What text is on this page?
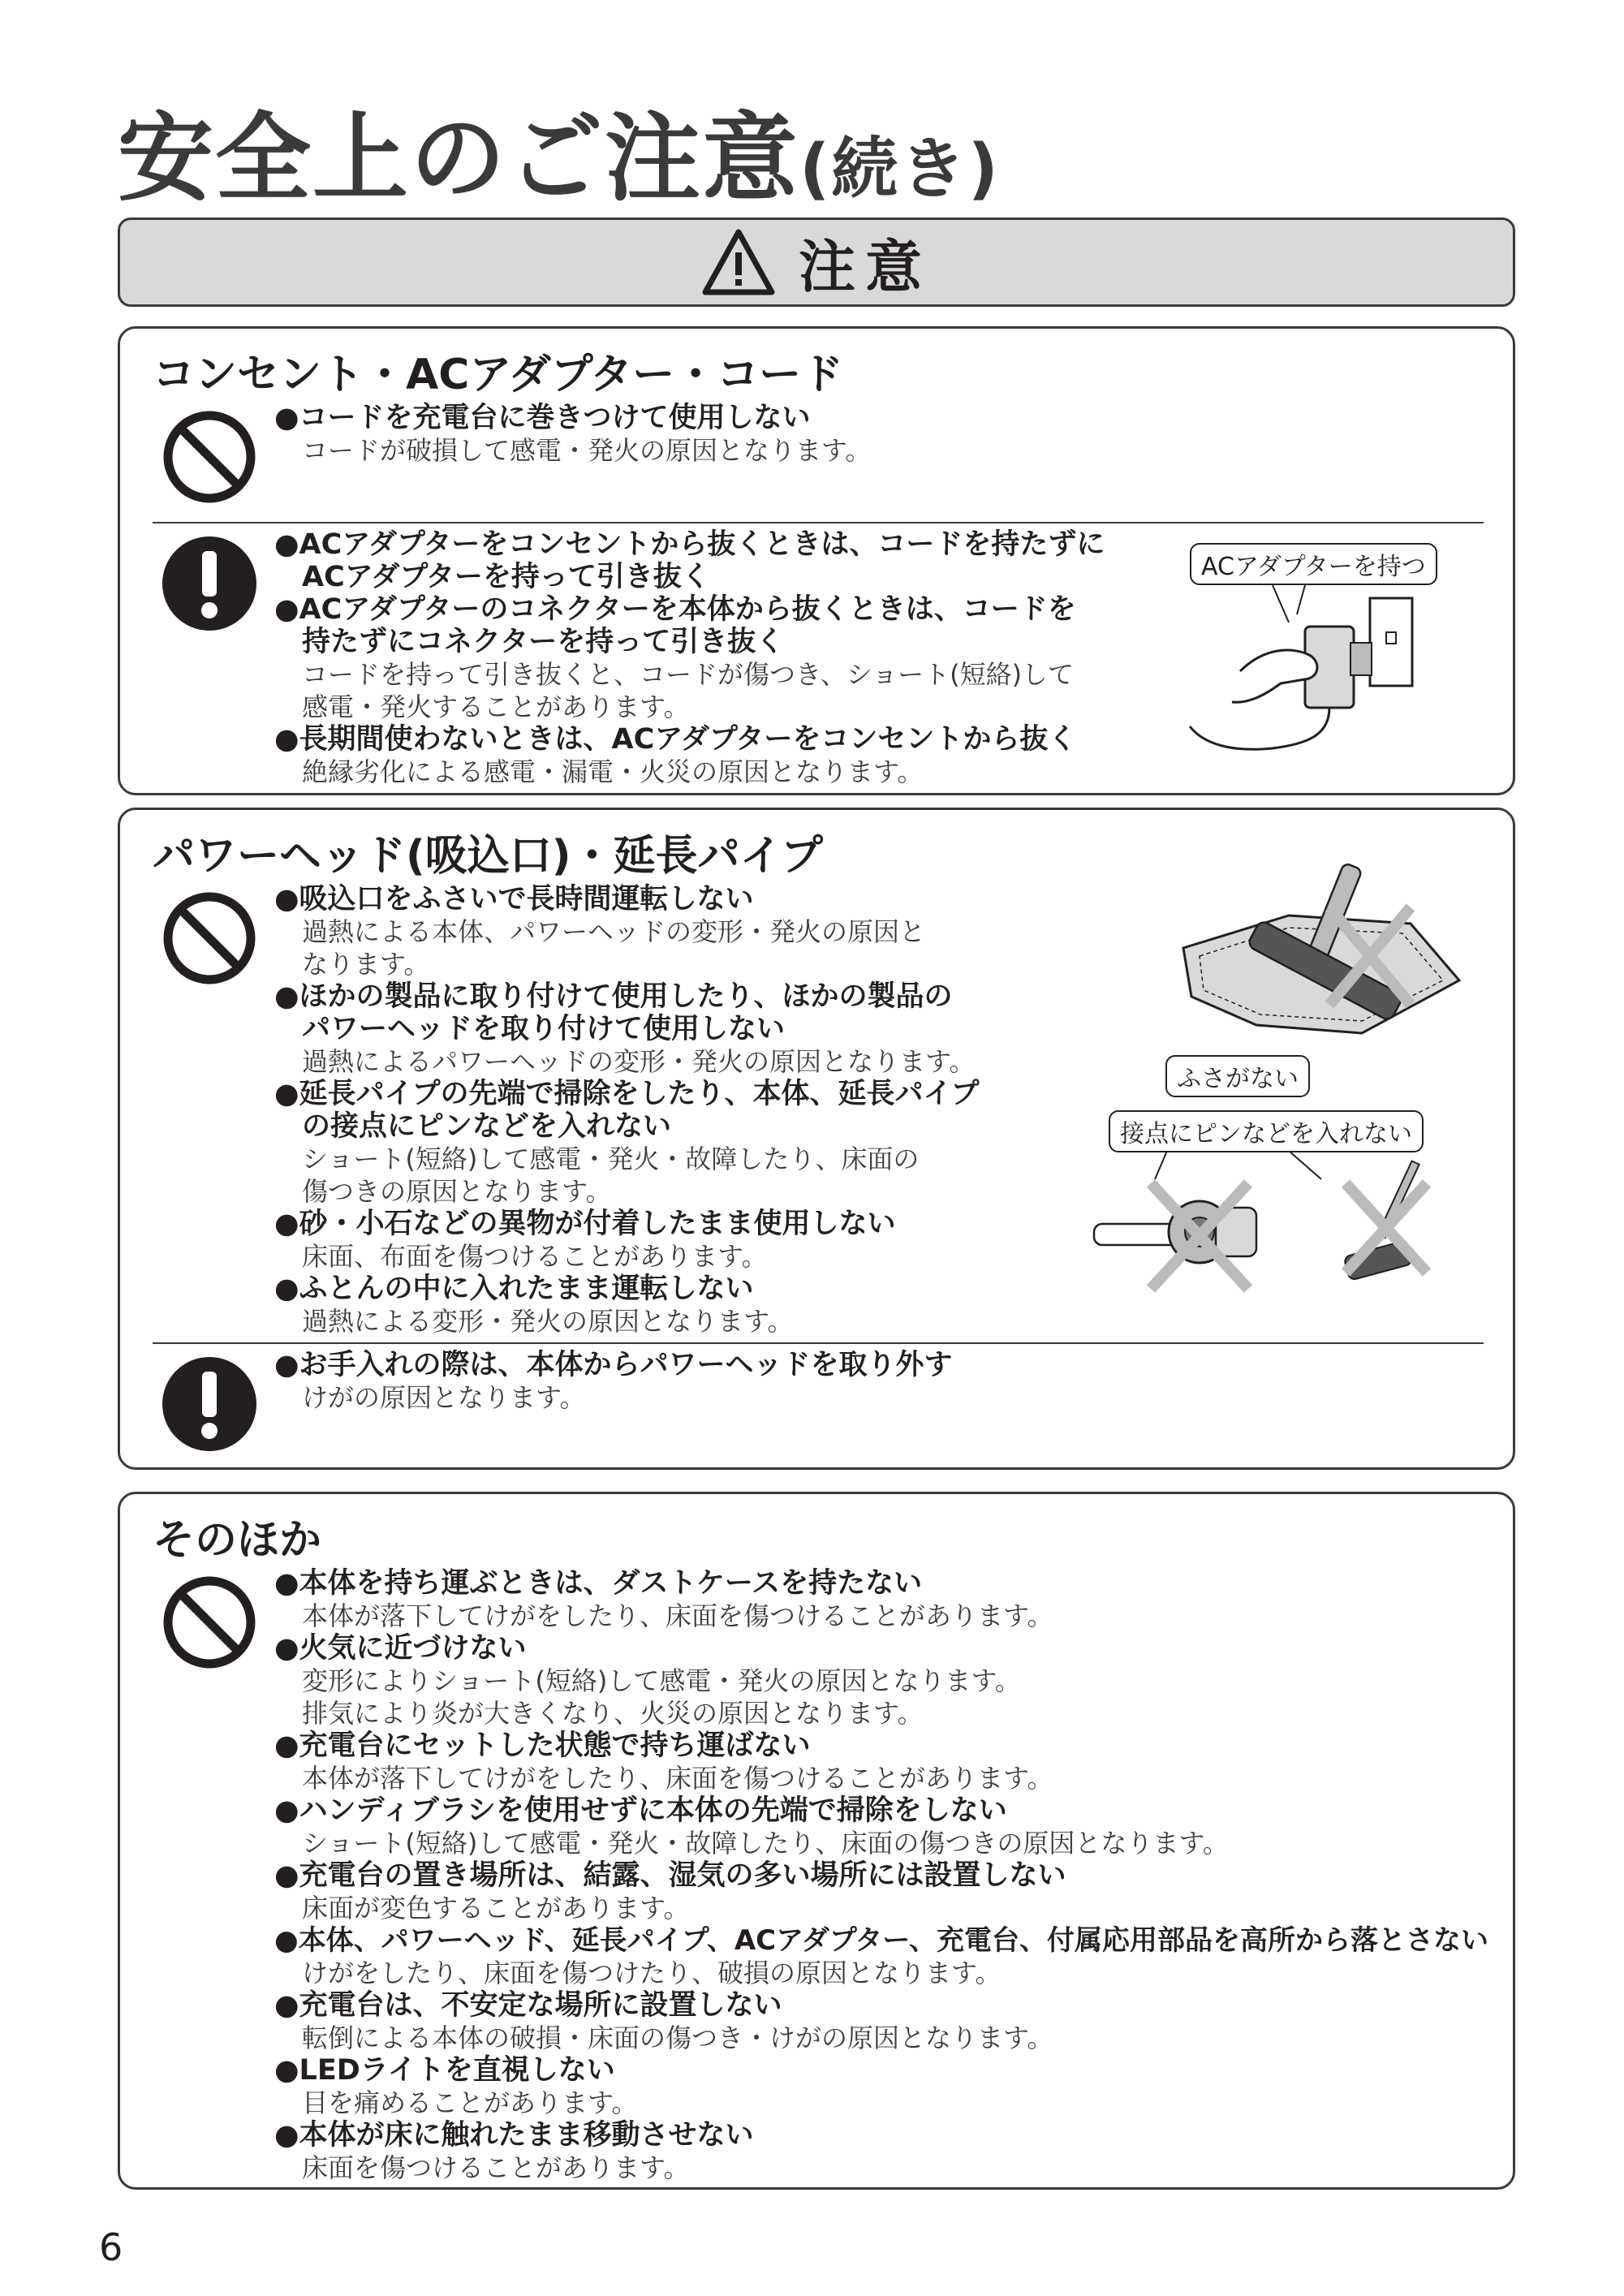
安全上のご注意(続き)
注意
コンセント・ACアダプター・コード
●コードを充電台に巻きつけて使用しない
コードが破損して感電・発火の原因となります。
●ACアダプターをコンセントから抜くときは、コードを持たずに
ACアダプターを持って引き抜く
●ACアダプターのコネクターを本体から抜くときは、コードを
持たずにコネクターを持って引き抜く
コードを持って引き抜くと、コードが傷つき、ショート(短絡)して
感電・発火することがあります。
●長期間使わないときは、ACアダプターをコンセントから抜く
絶縁劣化による感電・漏電・火災の原因となります。
ACアダプターを持つ
パワーヘッド(吸込口)・延長パイプ
●吸込口をふさいで長時間運転しない
過熱による本体、パワーヘッドの変形・発火の原因と
なります。
●ほかの製品に取り付けて使用したり、ほかの製品の
パワーヘッドを取り付けて使用しない
過熱によるパワーヘッドの変形・発火の原因となります。
●延長パイプの先端で掃除をしたり、本体、延長パイプ
の接点にピンなどを入れない
ショート(短絡)して感電・発火・故障したり、床面の
傷つきの原因となります。
●砂・小石などの異物が付着したまま使用しない
床面、布面を傷つけることがあります。
●ふとんの中に入れたまま運転しない
過熱による変形・発火の原因となります。
ふさがない
接点にピンなどを入れない
●お手入れの際は、本体からパワーヘッドを取り外す
けがの原因となります。
そのほか
●本体を持ち運ぶときは、ダストケースを持たない
本体が落下してけがをしたり、床面を傷つけることがあります。
●火気に近づけない
変形によりショート(短絡)して感電・発火の原因となります。
排気により炎が大きくなり、火災の原因となります。
●充電台にセットした状態で持ち運ばない
本体が落下してけがをしたり、床面を傷つけることがあります。
●ハンディブラシを使用せずに本体の先端で掃除をしない
ショート(短絡)して感電・発火・故障したり、床面の傷つきの原因となります。
●充電台の置き場所は、結露、湿気の多い場所には設置しない
床面が変色することがあります。
●本体、パワーヘッド、延長パイプ、ACアダプター、充電台、付属応用部品を高所から落とさない
けがをしたり、床面を傷つけたり、破損の原因となります。
●充電台は、不安定な場所に設置しない
転倒による本体の破損・床面の傷つき・けがの原因となります。
●LEDライトを直視しない
目を痛めることがあります。
●本体が床に触れたまま移動させない
床面を傷つけることがあります。
6
